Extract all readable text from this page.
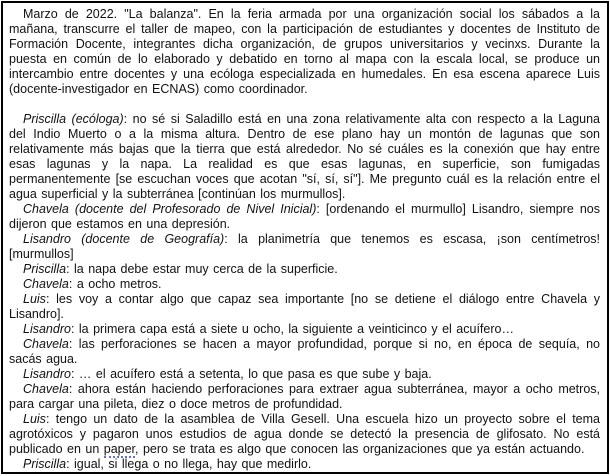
Marzo de 2022. "La balanza". En la feria armada por una organización social los sábados a la mañana, transcurre el taller de mapeo, con la participación de estudiantes y docentes de Instituto de Formación Docente, integrantes dicha organización, de grupos universitarios y vecinxs. Durante la puesta en común de lo elaborado y debatido en torno al mapa con la escala local, se produce un intercambio entre docentes y una ecóloga especializada en humedales. En esa escena aparece Luis (docente-investigador en ECNAS) como coordinador.

Priscilla (ecóloga): no sé si Saladillo está en una zona relativamente alta con respecto a la Laguna del Indio Muerto o a la misma altura. Dentro de ese plano hay un montón de lagunas que son relativamente más bajas que la tierra que está alrededor. No sé cuáles es la conexión que hay entre esas lagunas y la napa. La realidad es que esas lagunas, en superficie, son fumigadas permanentemente [se escuchan voces que acotan "sí, sí, sí"]. Me pregunto cuál es la relación entre el agua superficial y la subterránea [continúan los murmullos].

Chavela (docente del Profesorado de Nivel Inicial): [ordenando el murmullo] Lisandro, siempre nos dijeron que estamos en una depresión.

Lisandro (docente de Geografía): la planimetría que tenemos es escasa, ¡son centímetros! [murmullos]

Priscilla: la napa debe estar muy cerca de la superficie.

Chavela: a ocho metros.

Luis: les voy a contar algo que capaz sea importante [no se detiene el diálogo entre Chavela y Lisandro].

Lisandro: la primera capa está a siete u ocho, la siguiente a veinticinco y el acuífero…

Chavela: las perforaciones se hacen a mayor profundidad, porque si no, en época de sequía, no sacás agua.

Lisandro: … el acuífero está a setenta, lo que pasa es que sube y baja.

Chavela: ahora están haciendo perforaciones para extraer agua subterránea, mayor a ocho metros, para cargar una pileta, diez o doce metros de profundidad.

Luis: tengo un dato de la asamblea de Villa Gesell. Una escuela hizo un proyecto sobre el tema agrotóxicos y pagaron unos estudios de agua donde se detectó la presencia de glifosato. No está publicado en un paper, pero se trata es algo que conocen las organizaciones que ya están actuando.

Priscilla: igual, si llega o no llega, hay que medirlo.
